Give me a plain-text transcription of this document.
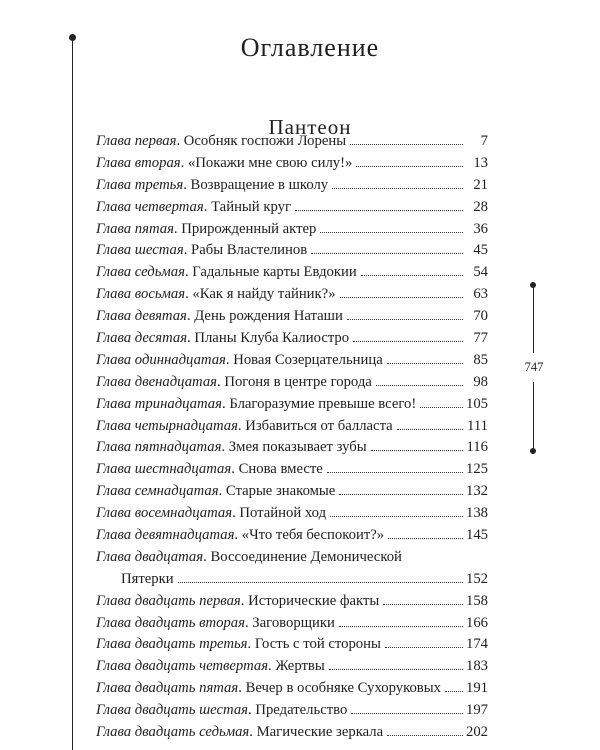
Оглавление
Пантеон
Глава первая . Особняк госпожи Лорены	7
Глава вторая . «Покажи мне свою силу!»	13
Глава третья . Возвращение в школу	21
Глава четвертая . Тайный круг	28
Глава пятая . Прирожденный актер	36
Глава шестая . Рабы Властелинов	45
Глава седьмая . Гадальные карты Евдокии	54
Глава восьмая . «Как я найду тайник?»	63
Глава девятая . День рождения Наташи	70
Глава десятая . Планы Клуба Калиостро	77
Глава одиннадцатая . Новая Созерцательница	85
Глава двенадцатая . Погоня в центре города	98
Глава тринадцатая . Благоразумие превыше всего!	105
Глава четырнадцатая . Избавиться от балласта	111
Глава пятнадцатая . Змея показывает зубы	116
Глава шестнадцатая . Снова вместе	125
Глава семнадцатая . Старые знакомые	132
Глава восемнадцатая . Потайной ход	138
Глава девятнадцатая . «Что тебя беспокоит?»	145
Глава двадцатая . Воссоединение Демонической
Пятерки	152
Глава двадцать первая . Исторические факты	158
Глава двадцать вторая . Заговорщики	166
Глава двадцать третья . Гость с той стороны	174
Глава двадцать четвертая . Жертвы	183
Глава двадцать пятая . Вечер в особняке Сухоруковых 191
Глава двадцать шестая . Предательство	197
Глава двадцать седьмая . Магические зеркала	202
747
